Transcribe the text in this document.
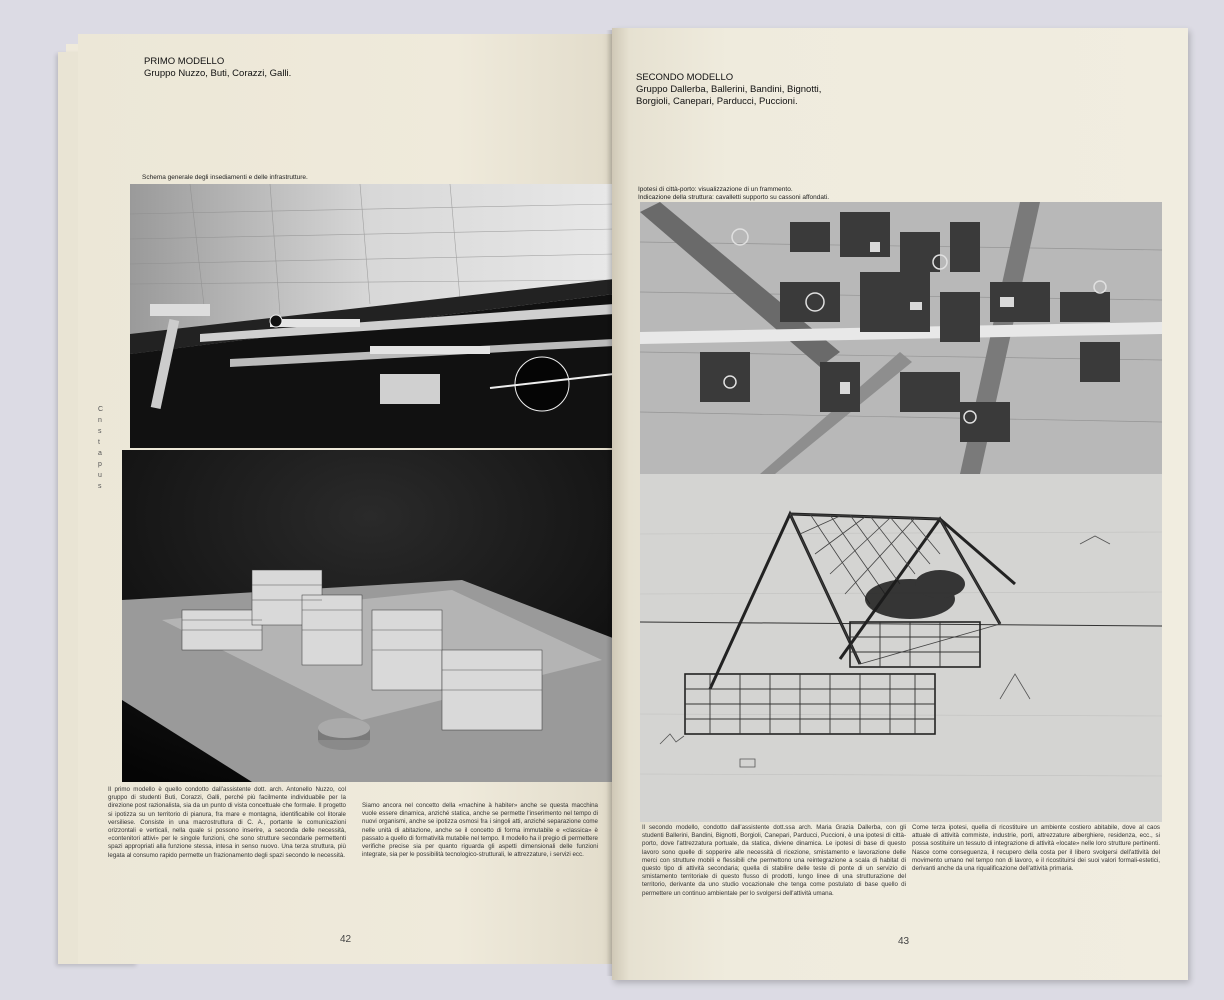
PRIMO MODELLO
Gruppo Nuzzo, Buti, Corazzi, Galli.
C
n
s
t
a
p
u
s
Schema generale degli insediamenti e delle infrastrutture.
Il primo modello è quello condotto dall'assistente dott. arch. Antonello Nuzzo, col gruppo di studenti Buti, Corazzi, Galli, perché più facilmente individuabile per la direzione post razionalista, sia da un punto di vista concettuale che formale. Il progetto si ipotizza su un territorio di pianura, fra mare e montagna, identificabile col litorale versiliese. Consiste in una macrostruttura di C. A., portante le comunicazioni orizzontali e verticali, nella quale si possono inserire, a seconda delle necessità, «contenitori attivi» per le singole funzioni, che sono strutture secondarie permettenti spazi appropriati alla funzione stessa, intesa in senso nuovo. Una terza struttura, più legata al consumo rapido permette un frazionamento degli spazi secondo le necessità.
Siamo ancora nel concetto della «machine à habiter» anche se questa macchina vuole essere dinamica, anziché statica, anche se permette l'inserimento nel tempo di nuovi organismi, anche se ipotizza osmosi fra i singoli atti, anziché separazione come nelle unità di abitazione, anche se il concetto di forma immutabile e «classica» è passato a quello di formatività mutabile nel tempo. Il modello ha il pregio di permettere verifiche precise sia per quanto riguarda gli aspetti dimensionali delle funzioni integrate, sia per le possibilità tecnologico-strutturali, le attrezzature, i servizi ecc.
42
SECONDO MODELLO
Gruppo Dallerba, Ballerini, Bandini, Bignotti,
Borgioli, Canepari, Parducci, Puccioni.
Ipotesi di città-porto: visualizzazione di un frammento.
Indicazione della struttura: cavalletti supporto su cassoni affondati.
Il secondo modello, condotto dall'assistente dott.ssa arch. Maria Grazia Dallerba, con gli studenti Ballerini, Bandini, Bignotti, Borgioli, Canepari, Parducci, Puccioni, è una ipotesi di città-porto, dove l'attrezzatura portuale, da statica, diviene dinamica. Le ipotesi di base di questo lavoro sono quelle di sopperire alle necessità di ricezione, smistamento e lavorazione delle merci con strutture mobili e flessibili che permettono una reintegrazione a scala di habitat di questo tipo di attività secondaria; quella di stabilire delle teste di ponte di un servizio di smistamento territoriale di questo flusso di prodotti, lungo linee di una strutturazione del territorio, derivante da uno studio vocazionale che tenga come postulato di base quello di permettere un continuo ambientale per lo svolgersi dell'attività umana.
Come terza ipotesi, quella di ricostituire un ambiente costiero abitabile, dove al caos attuale di attività commiste, industrie, porti, attrezzature alberghiere, residenza, ecc., si possa sostituire un tessuto di integrazione di attività «locate» nelle loro strutture pertinenti. Nasce come conseguenza, il recupero della costa per il libero svolgersi dell'attività del movimento umano nel tempo non di lavoro, e il ricostituirsi dei suoi valori formali-estetici, derivanti anche da una riqualificazione dell'attività primaria.
43
